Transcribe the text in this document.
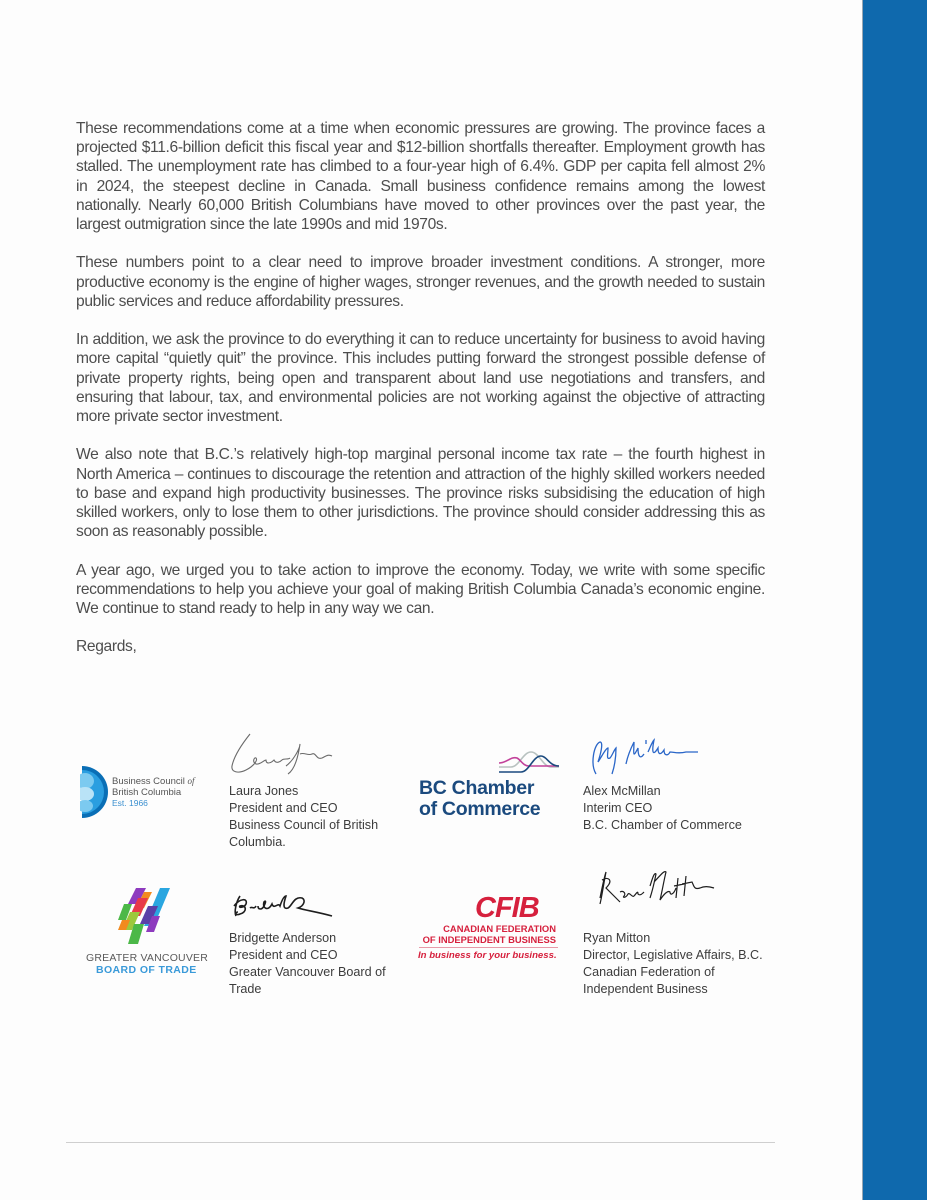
These recommendations come at a time when economic pressures are growing. The province faces a projected $11.6-billion deficit this fiscal year and $12-billion shortfalls thereafter. Employment growth has stalled. The unemployment rate has climbed to a four-year high of 6.4%. GDP per capita fell almost 2% in 2024, the steepest decline in Canada. Small business confidence remains among the lowest nationally. Nearly 60,000 British Columbians have moved to other provinces over the past year, the largest outmigration since the late 1990s and mid 1970s.

These numbers point to a clear need to improve broader investment conditions. A stronger, more productive economy is the engine of higher wages, stronger revenues, and the growth needed to sustain public services and reduce affordability pressures.

In addition, we ask the province to do everything it can to reduce uncertainty for business to avoid having more capital “quietly quit” the province. This includes putting forward the strongest possible defense of private property rights, being open and transparent about land use negotiations and transfers, and ensuring that labour, tax, and environmental policies are not working against the objective of attracting more private sector investment.

We also note that B.C.’s relatively high-top marginal personal income tax rate – the fourth highest in North America – continues to discourage the retention and attraction of the highly skilled workers needed to base and expand high productivity businesses. The province risks subsidising the education of high skilled workers, only to lose them to other jurisdictions. The province should consider addressing this as soon as reasonably possible.

A year ago, we urged you to take action to improve the economy. Today, we write with some specific recommendations to help you achieve your goal of making British Columbia Canada’s economic engine. We continue to stand ready to help in any way we can.

Regards,

Business Council of
British Columbia
Est. 1966
Laura Jones
President and CEO
Business Council of British
Columbia.
BC Chamber
of Commerce
Alex McMillan
Interim CEO
B.C. Chamber of Commerce
GREATER VANCOUVER
BOARD OF TRADE
Bridgette Anderson
President and CEO
Greater Vancouver Board of
Trade
CFIB
CANADIAN FEDERATION
OF INDEPENDENT BUSINESS
In business for your business.
Ryan Mitton
Director, Legislative Affairs, B.C.
Canadian Federation of
Independent Business
